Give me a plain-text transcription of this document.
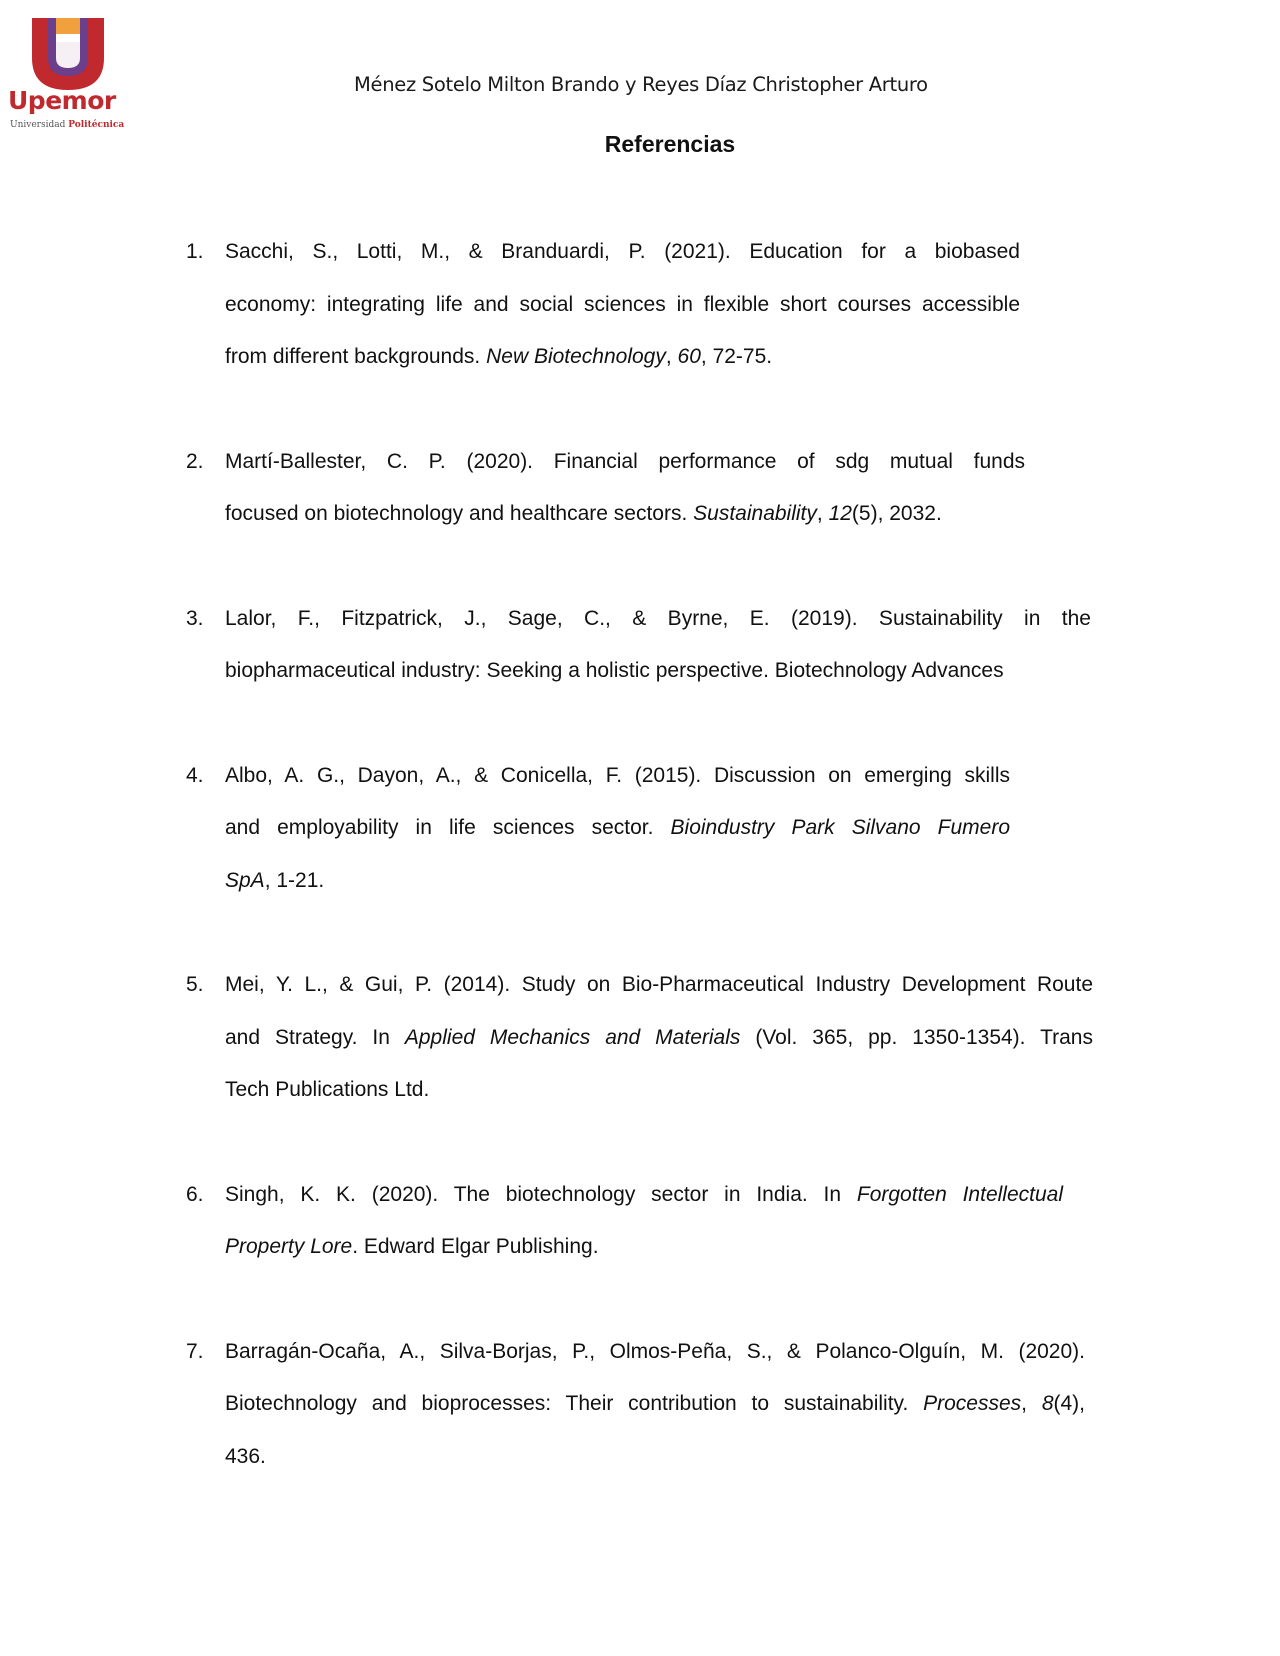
Upemor
Universidad Politécnica
Ménez Sotelo Milton Brando y Reyes Díaz Christopher Arturo
Referencias
1. Sacchi, S., Lotti, M., & Branduardi, P. (2021). Education for a biobased
economy: integrating life and social sciences in flexible short courses accessible
from different backgrounds. New Biotechnology, 60, 72-75.
2. Martí-Ballester, C. P. (2020). Financial performance of sdg mutual funds
focused on biotechnology and healthcare sectors. Sustainability, 12(5), 2032.
3. Lalor, F., Fitzpatrick, J., Sage, C., & Byrne, E. (2019). Sustainability in the
biopharmaceutical industry: Seeking a holistic perspective. Biotechnology Advances
4. Albo, A. G., Dayon, A., & Conicella, F. (2015). Discussion on emerging skills
and employability in life sciences sector. Bioindustry Park Silvano Fumero
SpA, 1-21.
5. Mei, Y. L., & Gui, P. (2014). Study on Bio-Pharmaceutical Industry Development Route
and Strategy. In Applied Mechanics and Materials (Vol. 365, pp. 1350-1354). Trans
Tech Publications Ltd.
6. Singh, K. K. (2020). The biotechnology sector in India. In Forgotten Intellectual
Property Lore. Edward Elgar Publishing.
7. Barragán-Ocaña, A., Silva-Borjas, P., Olmos-Peña, S., & Polanco-Olguín, M. (2020).
Biotechnology and bioprocesses: Their contribution to sustainability. Processes, 8(4),
436.
